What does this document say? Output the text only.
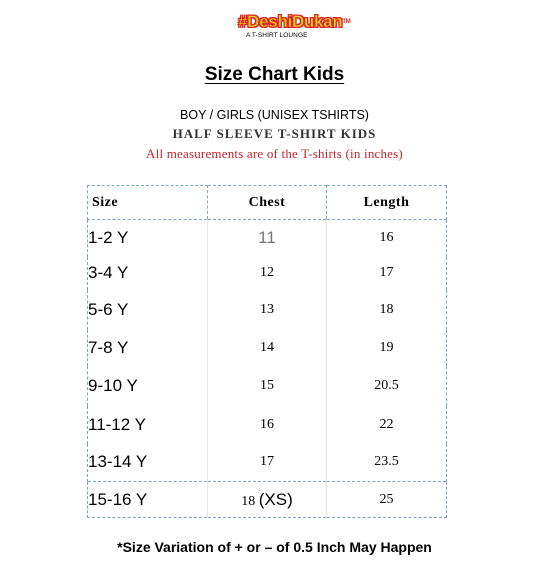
#DeshiDukan™
A T-SHIRT LOUNGE
Size Chart Kids
BOY / GIRLS (UNISEX TSHIRTS)
HALF SLEEVE T-SHIRT KIDS
All measurements are of the T-shirts (in inches)
Size	Chest	Length
1-2 Y	11	16
3-4 Y	12	17
5-6 Y	13	18
7-8 Y	14	19
9-10 Y	15	20.5
11-12 Y	16	22
13-14 Y	17	23.5
15-16 Y	18 (XS)	25
*Size Variation of + or – of 0.5 Inch May Happen
